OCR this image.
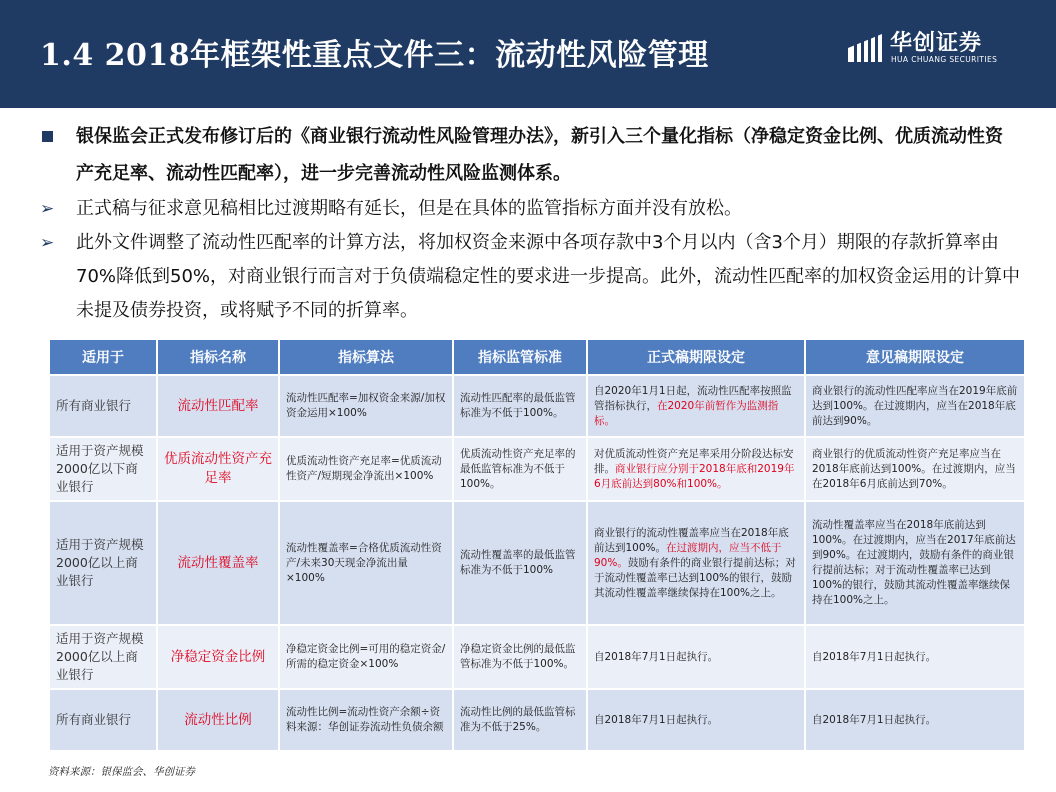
1.4 2018年框架性重点文件三：流动性风险管理	华创证券
HUA CHUANG SECURITIES
银保监会正式发布修订后的《商业银行流动性风险管理办法》，新引入三个量化指标（净稳定资金比例、优质流动性资产充足率、流动性匹配率），进一步完善流动性风险监测体系。
➢ 正式稿与征求意见稿相比过渡期略有延长，但是在具体的监管指标方面并没有放松。
➢ 此外文件调整了流动性匹配率的计算方法，将加权资金来源中各项存款中3个月以内（含3个月）期限的存款折算率由70%降低到50%，对商业银行而言对于负债端稳定性的要求进一步提高。此外，流动性匹配率的加权资金运用的计算中未提及债券投资，或将赋予不同的折算率。
适用于	指标名称	指标算法	指标监管标准	正式稿期限设定	意见稿期限设定
所有商业银行	流动性匹配率	流动性匹配率=加权资金来源/加权资金运用×100%	流动性匹配率的最低监管标准为不低于100%。	自2020年1月1日起，流动性匹配率按照监管指标执行，在2020年前暂作为监测指标。	商业银行的流动性匹配率应当在2019年底前达到100%。在过渡期内，应当在2018年底前达到90%。
适用于资产规模2000亿以下商业银行	优质流动性资产充足率	优质流动性资产充足率=优质流动性资产/短期现金净流出×100%	优质流动性资产充足率的最低监管标准为不低于100%。	对优质流动性资产充足率采用分阶段达标安排。商业银行应分别于2018年底和2019年6月底前达到80%和100%。	商业银行的优质流动性资产充足率应当在2018年底前达到100%。在过渡期内，应当在2018年6月底前达到70%。
适用于资产规模2000亿以上商业银行	流动性覆盖率	流动性覆盖率=合格优质流动性资产/未来30天现金净流出量×100%	流动性覆盖率的最低监管标准为不低于100%	商业银行的流动性覆盖率应当在2018年底前达到100%。在过渡期内，应当不低于90%。鼓励有条件的商业银行提前达标；对于流动性覆盖率已达到100%的银行，鼓励其流动性覆盖率继续保持在100%之上。	流动性覆盖率应当在2018年底前达到100%。在过渡期内，应当在2017年底前达到90%。在过渡期内，鼓励有条件的商业银行提前达标；对于流动性覆盖率已达到100%的银行，鼓励其流动性覆盖率继续保持在100%之上。
适用于资产规模2000亿以上商业银行	净稳定资金比例	净稳定资金比例=可用的稳定资金/所需的稳定资金×100%	净稳定资金比例的最低监管标准为不低于100%。	自2018年7月1日起执行。	自2018年7月1日起执行。
所有商业银行	流动性比例	流动性比例=流动性资产余额÷资料来源：华创证券流动性负债余额	流动性比例的最低监管标准为不低于25%。	自2018年7月1日起执行。	自2018年7月1日起执行。
资料来源：银保监会、华创证券
